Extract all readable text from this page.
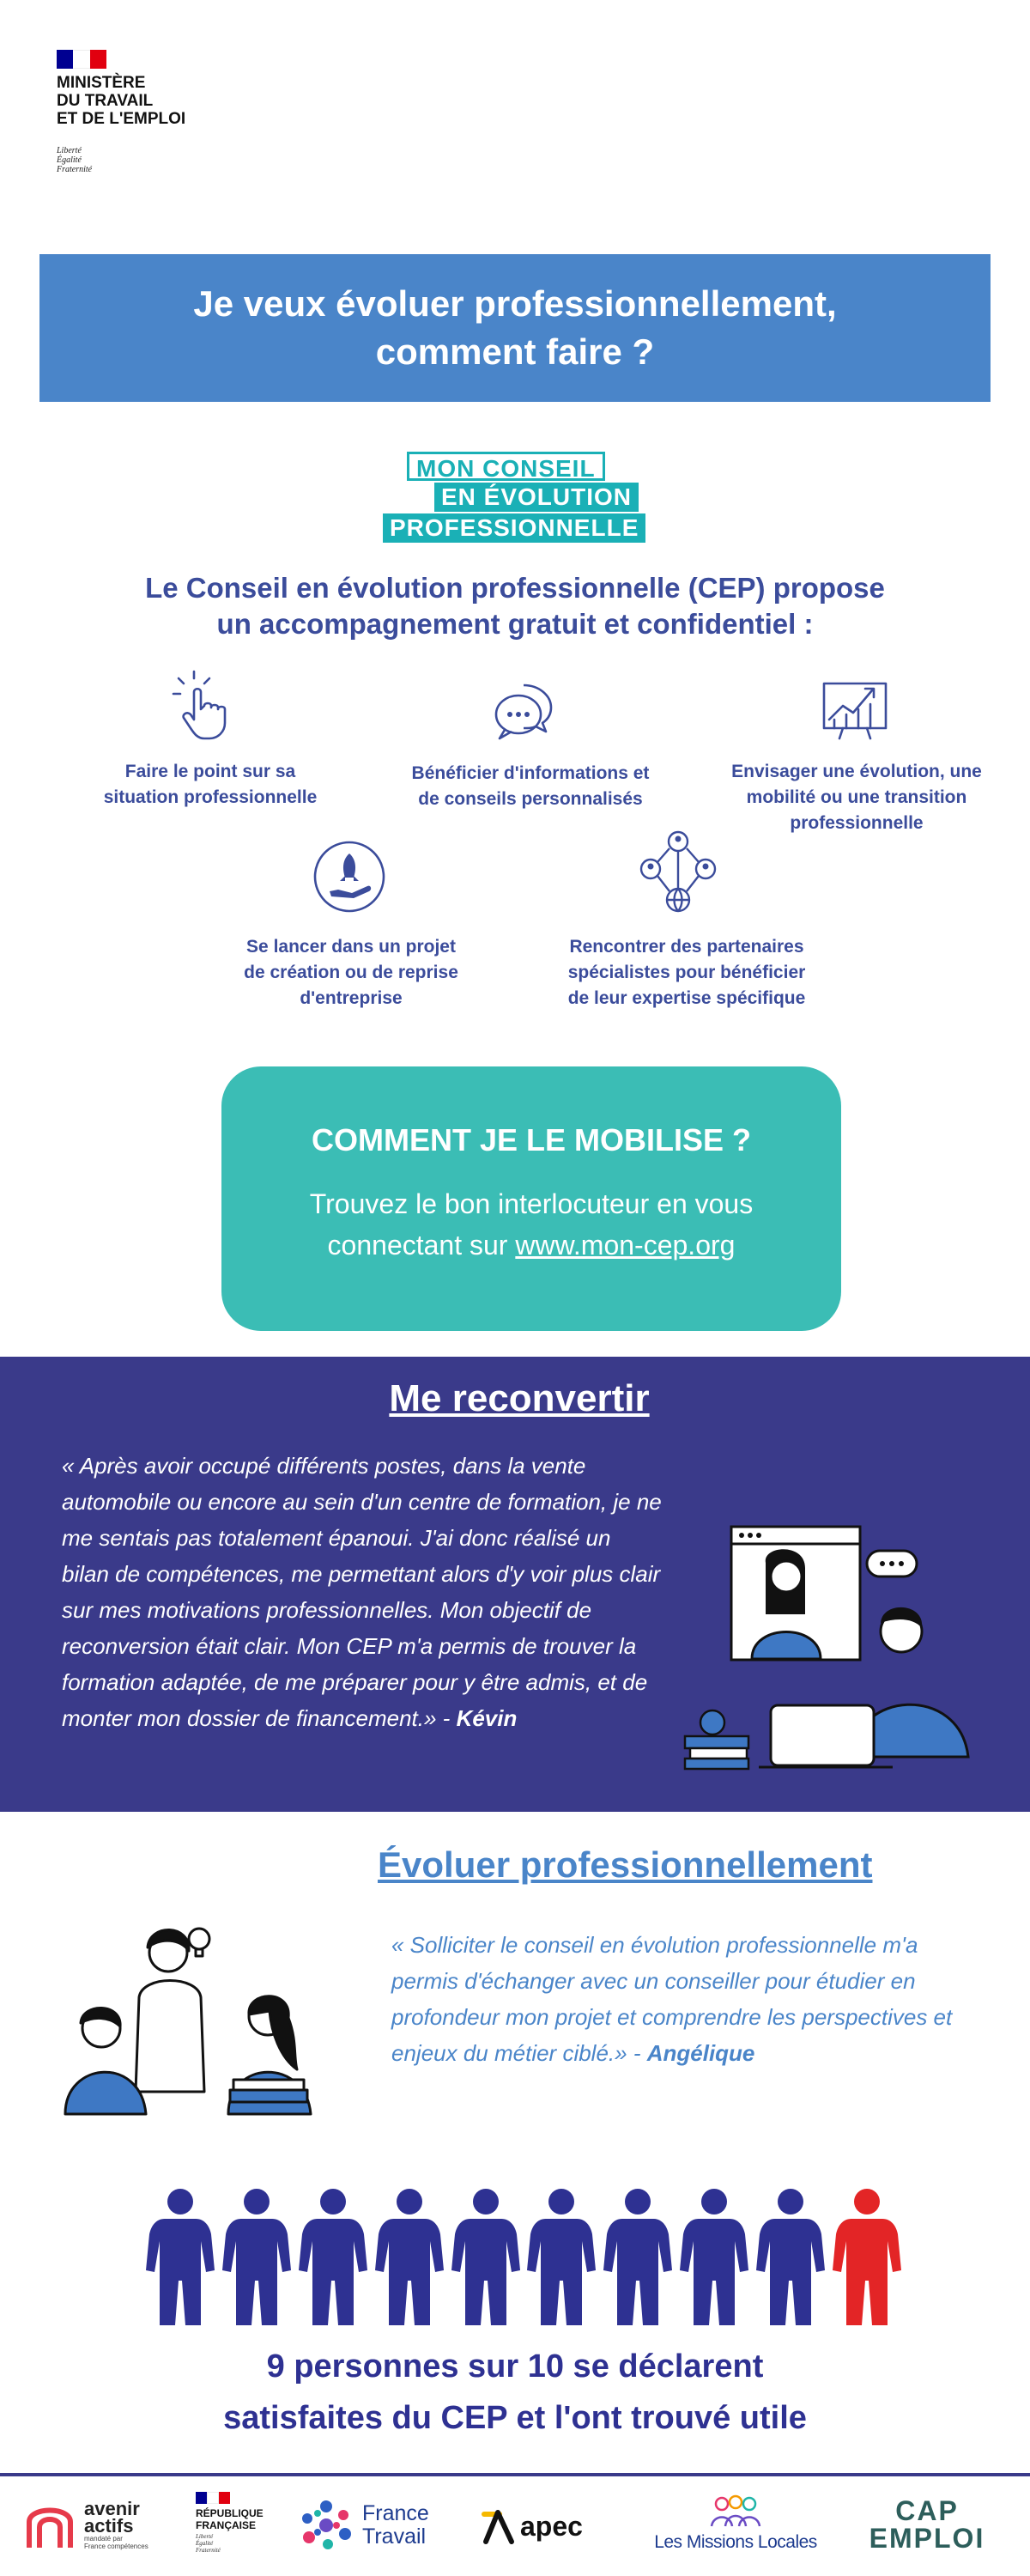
MINISTÈRE
DU TRAVAIL
ET DE L'EMPLOI
Liberté
Égalité
Fraternité
Je veux évoluer professionnellement,
comment faire ?
MON CONSEIL
EN ÉVOLUTION
PROFESSIONNELLE
Le Conseil en évolution professionnelle (CEP) propose
un accompagnement gratuit et confidentiel :
Faire le point sur sa
situation professionnelle
Bénéficier d'informations et
de conseils personnalisés
Envisager une évolution, une
mobilité ou une transition
professionnelle
Se lancer dans un projet
de création ou de reprise
d'entreprise
Rencontrer des partenaires
spécialistes pour bénéficier
de leur expertise spécifique
COMMENT JE LE MOBILISE ?

Trouvez le bon interlocuteur en vous
connectant sur www.mon-cep.org

Me reconvertir
« Après avoir occupé différents postes, dans la vente automobile ou encore au sein d'un centre de formation, je ne me sentais pas totalement épanoui. J'ai donc réalisé un bilan de compétences, me permettant alors d'y voir plus clair sur mes motivations professionnelles. Mon objectif de reconversion était clair. Mon CEP m'a permis de trouver la formation adaptée, de me préparer pour y être admis, et de monter mon dossier de financement.» - Kévin
Évoluer professionnellement
« Solliciter le conseil en évolution professionnelle m'a permis d'échanger avec un conseiller pour étudier en profondeur mon projet et comprendre les perspectives et enjeux du métier ciblé.» - Angélique
9 personnes sur 10 se déclarent
satisfaites du CEP et l'ont trouvé utile
avenir
actifs
mandaté par
France compétences
RÉPUBLIQUE
FRANÇAISE
Liberté
Égalité
Fraternité
France
Travail	apec
Les Missions Locales
CAP
EMPLOI
